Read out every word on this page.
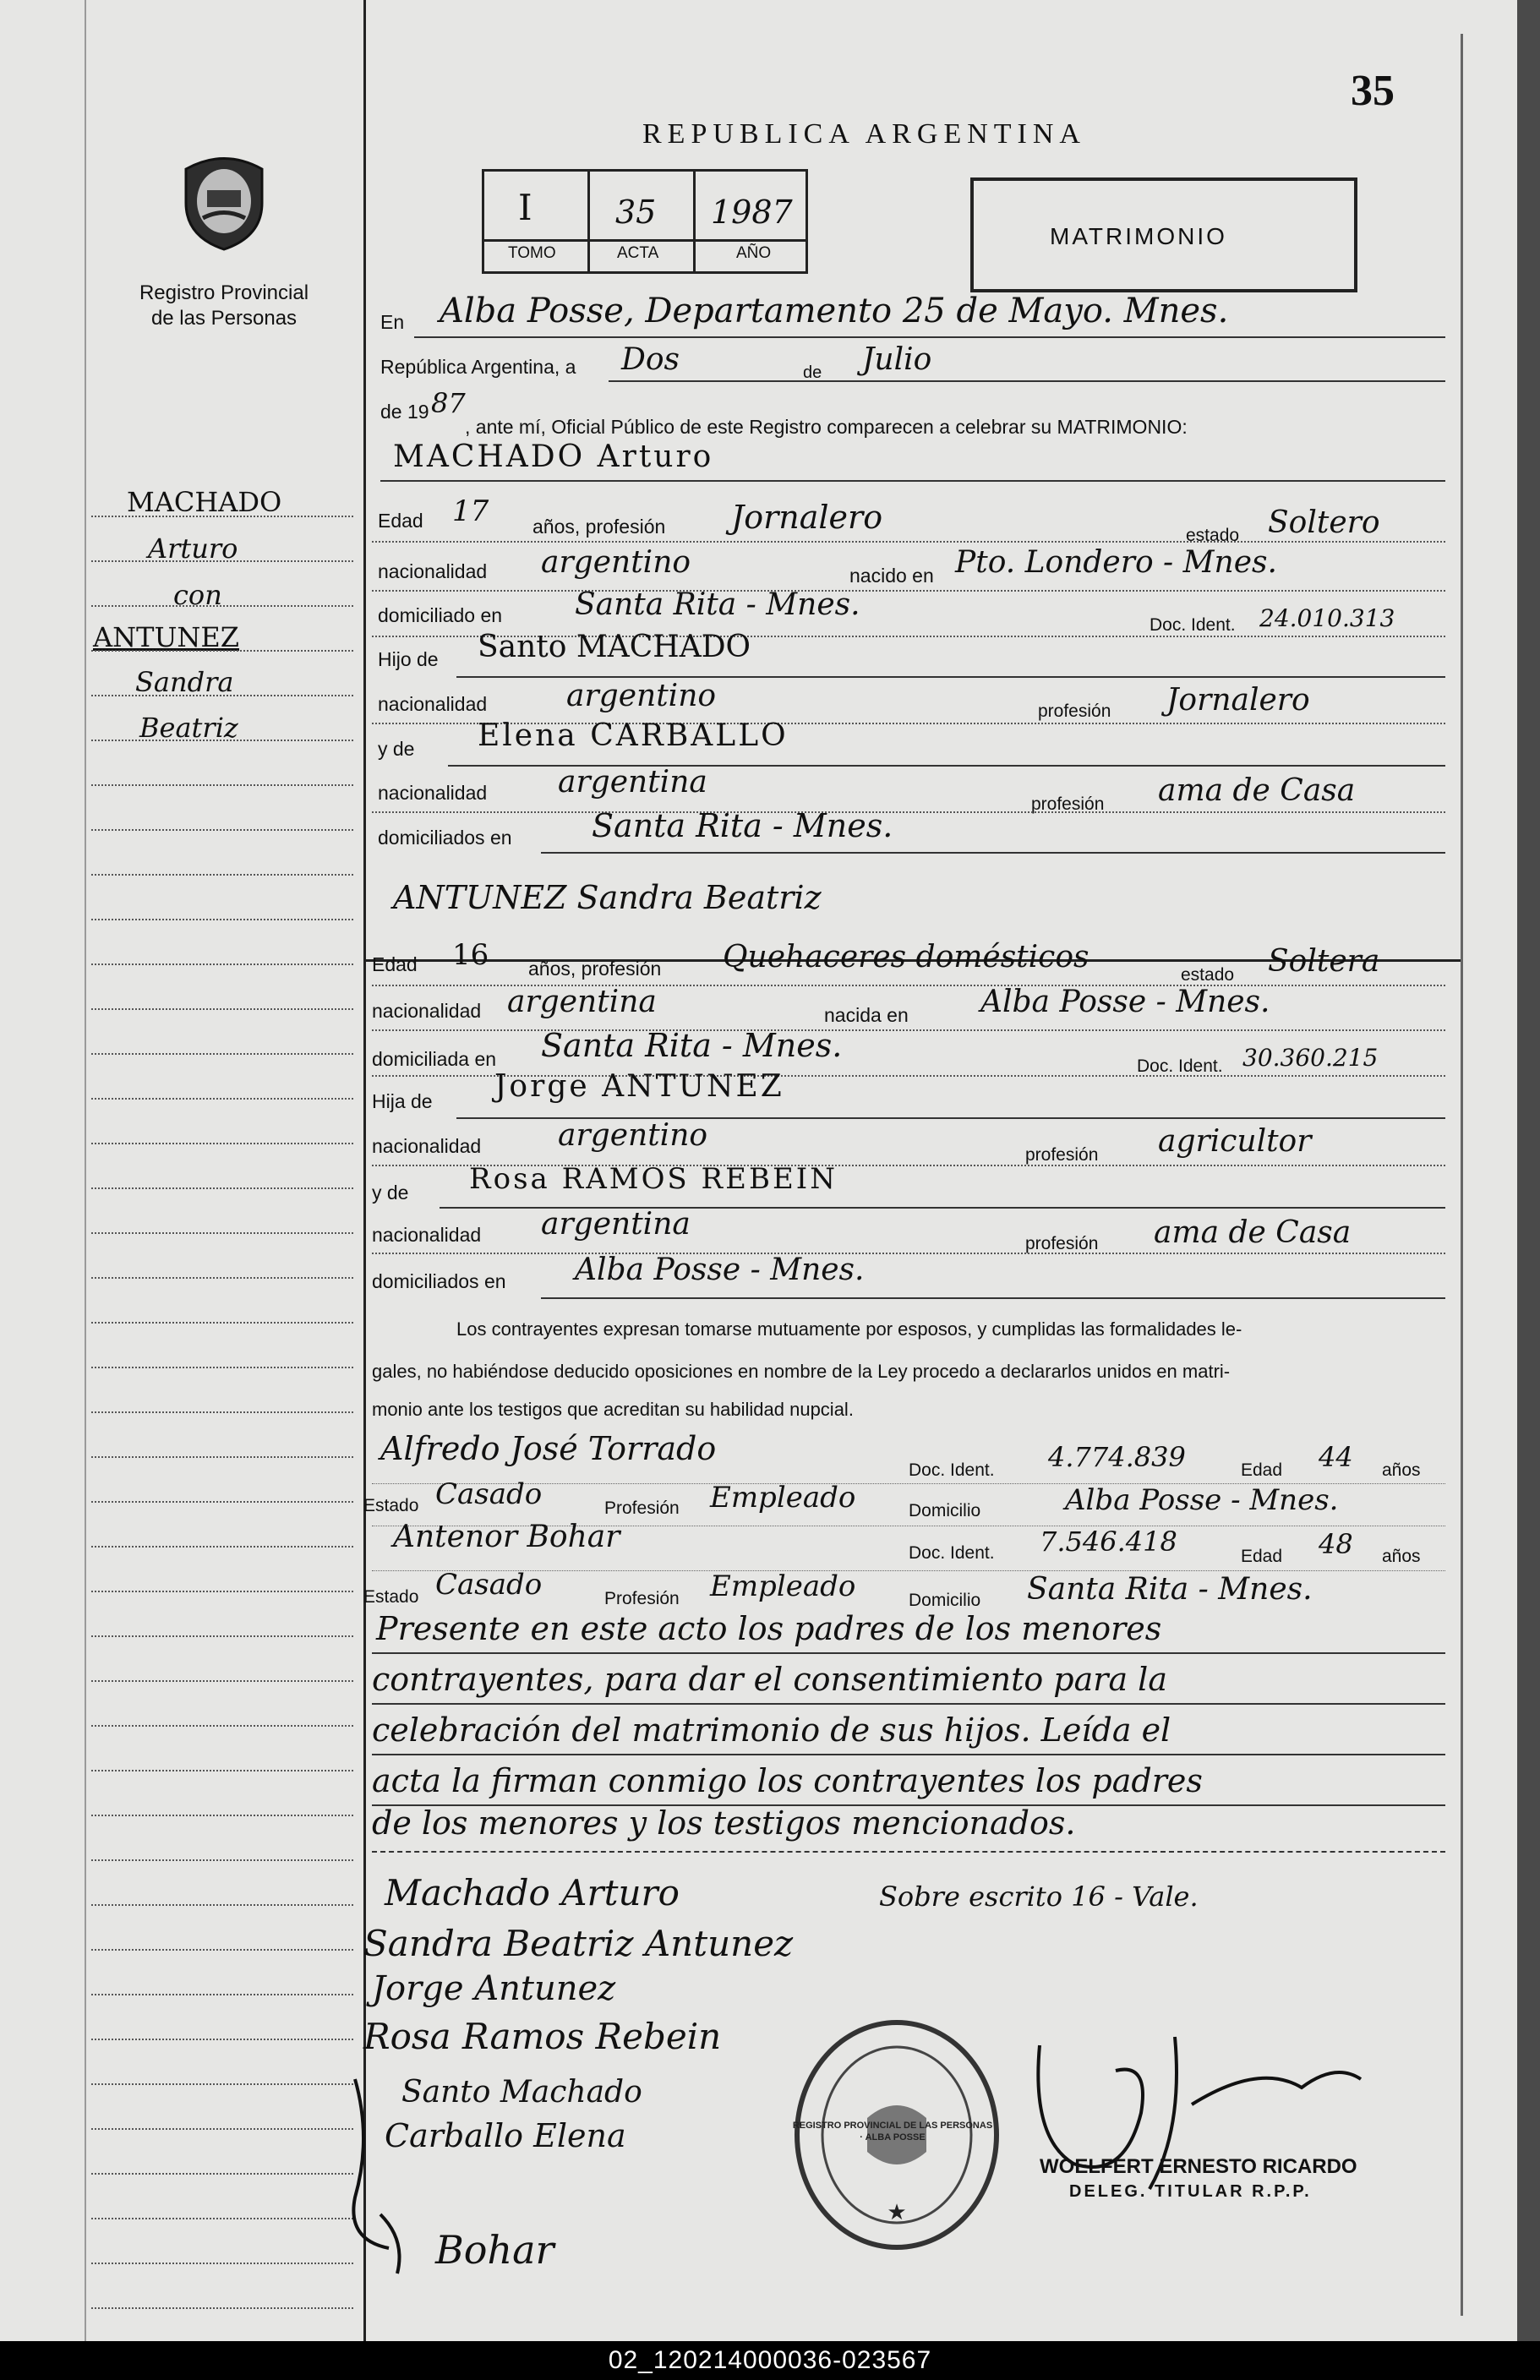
35
REPUBLICA ARGENTINA
Registro Provincial
de las Personas
I
TOMO
35
ACTA
1987
AÑO
MATRIMONIO
MACHADO
Arturo
con
ANTUNEZ
Sandra
Beatriz
En Alba Posse, Departamento 25 de Mayo. Mnes.
República Argentina, a Dos	de Julio
de 19 87
, ante mí, Oficial Público de este Registro comparecen a celebrar su MATRIMONIO:
MACHADO Arturo
Edad 17 años, profesión Jornalero	estado Soltero
nacionalidad argentino	nacido en Pto. Londero - Mnes.
domiciliado en Santa Rita - Mnes.
Doc. Ident. 24.010.313
Hijo de Santo MACHADO
nacionalidad	argentino	profesión Jornalero
y de Elena CARBALLO
nacionalidad argentina
profesión ama de Casa
domiciliados en Santa Rita - Mnes.
ANTUNEZ Sandra Beatriz
Edad 16 años, profesión Quehaceres domésticos
estado Soltera
nacionalidad argentina	nacida en Alba Posse - Mnes.
domiciliada en Santa Rita - Mnes.
Doc. Ident. 30.360.215
Hija de Jorge ANTUNEZ
nacionalidad	argentino
profesión agricultor
y de Rosa RAMOS REBEIN
nacionalidad argentina
profesión ama de Casa
domiciliados en Alba Posse - Mnes.
Los contrayentes expresan tomarse mutuamente por esposos, y cumplidas las formalidades le-
gales, no habiéndose deducido oposiciones en nombre de la Ley procedo a declararlos unidos en matri-
monio ante los testigos que acreditan su habilidad nupcial.
Alfredo José Torrado
Doc. Ident. 4.774.839	Edad 44 años
Estado Casado	Profesión Empleado	Domicilio	Alba Posse - Mnes.
Antenor Bohar	Doc. Ident. 7.546.418	Edad 48 años
Estado Casado	Profesión Empleado	Domicilio Santa Rita - Mnes.
Presente en este acto los padres de los menores
contrayentes, para dar el consentimiento para la
celebración del matrimonio de sus hijos. Leída el
acta la firman conmigo los contrayentes los padres
de los menores y los testigos mencionados.
Machado Arturo	Sobre escrito 16 - Vale.
Sandra Beatriz Antunez
Jorge Antunez
Rosa Ramos Rebein
Santo Machado
Carballo Elena
Bohar
★
REGISTRO PROVINCIAL DE LAS PERSONAS · ALBA POSSE
WOELFERT ERNESTO RICARDO
DELEG. TITULAR R.P.P.
02_120214000036-023567
